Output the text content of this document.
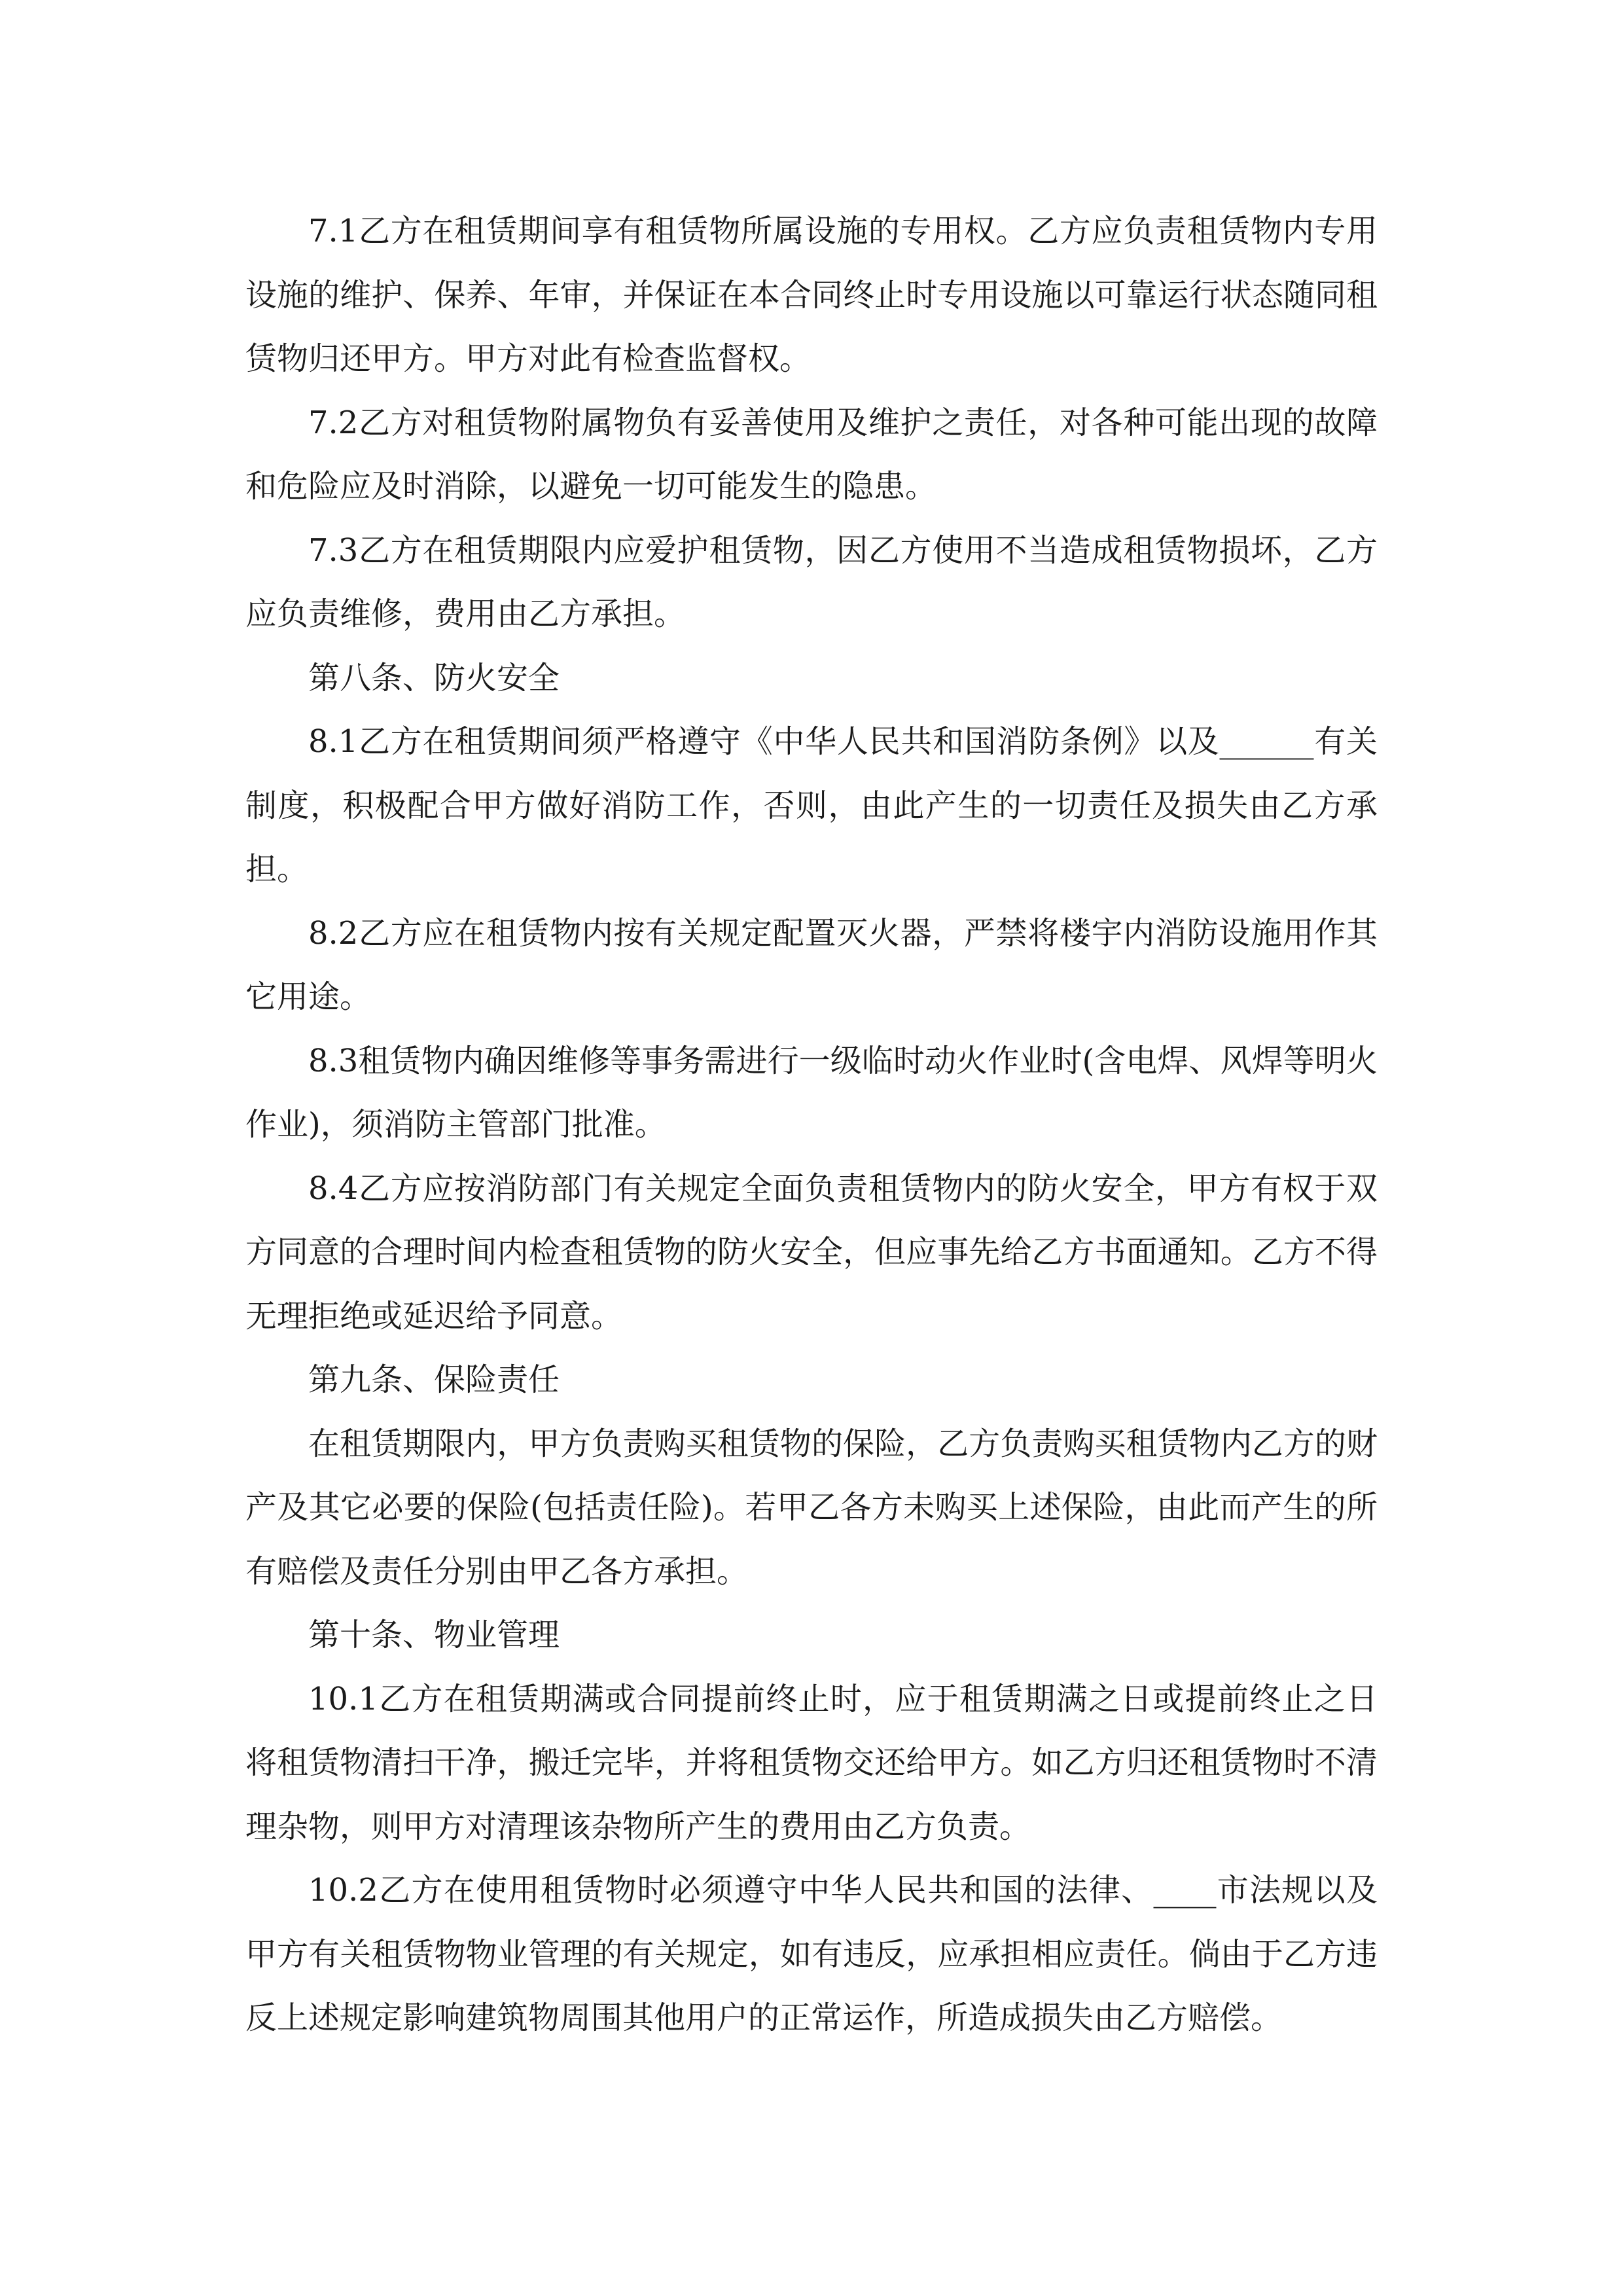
7.1乙方在租赁期间享有租赁物所属设施的专用权。乙方应负责租赁物内专用设施的维护、保养、年审，并保证在本合同终止时专用设施以可靠运行状态随同租赁物归还甲方。甲方对此有检查监督权。

7.2乙方对租赁物附属物负有妥善使用及维护之责任，对各种可能出现的故障和危险应及时消除，以避免一切可能发生的隐患。

7.3乙方在租赁期限内应爱护租赁物，因乙方使用不当造成租赁物损坏，乙方应负责维修，费用由乙方承担。

第八条、防火安全

8.1乙方在租赁期间须严格遵守《中华人民共和国消防条例》以及______有关制度，积极配合甲方做好消防工作，否则，由此产生的一切责任及损失由乙方承担。

8.2乙方应在租赁物内按有关规定配置灭火器，严禁将楼宇内消防设施用作其它用途。

8.3租赁物内确因维修等事务需进行一级临时动火作业时(含电焊、风焊等明火作业)，须消防主管部门批准。

8.4乙方应按消防部门有关规定全面负责租赁物内的防火安全，甲方有权于双方同意的合理时间内检查租赁物的防火安全，但应事先给乙方书面通知。乙方不得无理拒绝或延迟给予同意。

第九条、保险责任

在租赁期限内，甲方负责购买租赁物的保险，乙方负责购买租赁物内乙方的财产及其它必要的保险(包括责任险)。若甲乙各方未购买上述保险，由此而产生的所有赔偿及责任分别由甲乙各方承担。

第十条、物业管理

10.1乙方在租赁期满或合同提前终止时，应于租赁期满之日或提前终止之日将租赁物清扫干净，搬迁完毕，并将租赁物交还给甲方。如乙方归还租赁物时不清理杂物，则甲方对清理该杂物所产生的费用由乙方负责。

10.2乙方在使用租赁物时必须遵守中华人民共和国的法律、____市法规以及甲方有关租赁物物业管理的有关规定，如有违反，应承担相应责任。倘由于乙方违反上述规定影响建筑物周围其他用户的正常运作，所造成损失由乙方赔偿。
